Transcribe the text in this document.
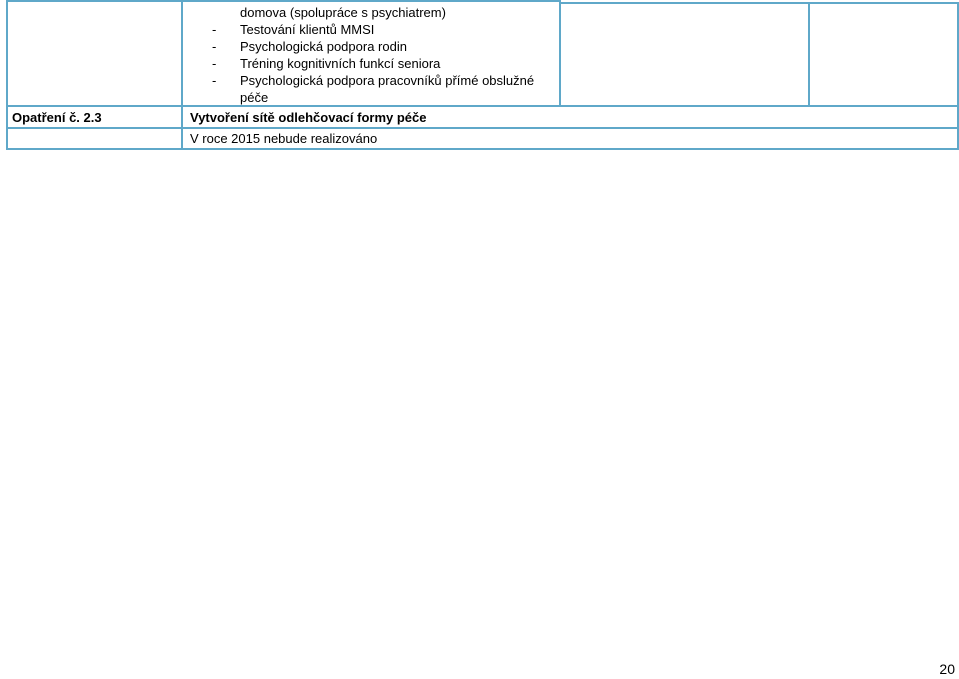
domova (spolupráce s psychiatrem)
- Testování klientů MMSI
- Psychologická podpora rodin
- Tréning kognitivních funkcí seniora
- Psychologická podpora pracovníků přímé obslužné
péče
Opatření č. 2.3	Vytvoření sítě odlehčovací formy péče
V roce 2015 nebude realizováno
20
